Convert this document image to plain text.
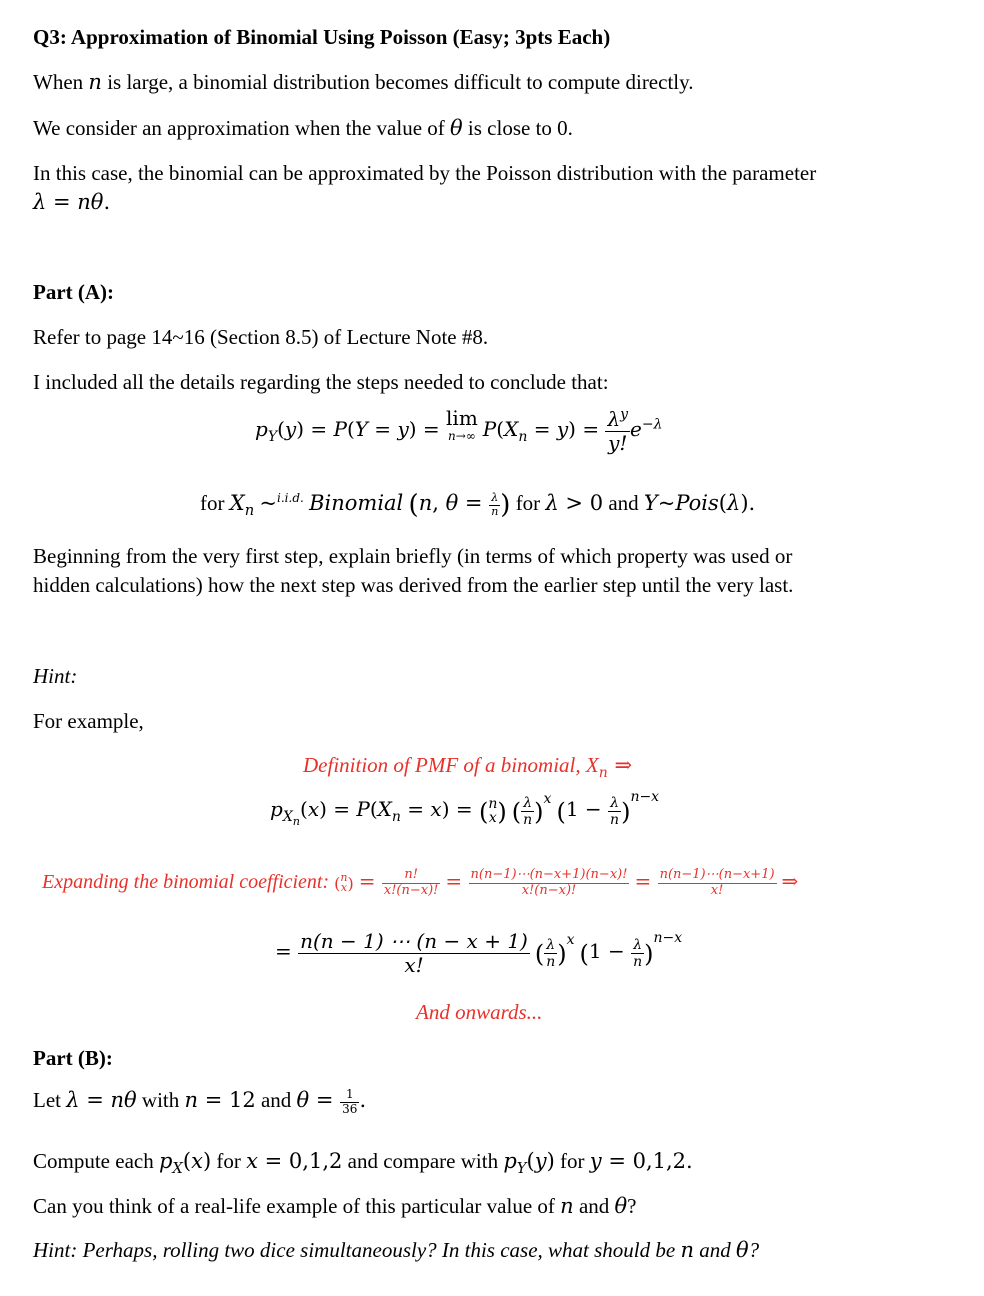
Q3: Approximation of Binomial Using Poisson (Easy; 3pts Each)
When n is large, a binomial distribution becomes difficult to compute directly.
We consider an approximation when the value of θ is close to 0.
In this case, the binomial can be approximated by the Poisson distribution with the parameter
λ = nθ.
Part (A):
Refer to page 14~16 (Section 8.5) of Lecture Note #8.
I included all the details regarding the steps needed to conclude that:
$p_Y(y) = P(Y = y) = \lim$
n→∞ $P(X_n = y) = \frac{\lambda^y}{y!} e^{-\lambda}$
for $X_n$ ~$^{i.i.d.}$ Binomial (n, $\theta = \frac{\lambda}{n}$ ) for λ > 0 and Y~Pois(λ).
Beginning from the very first step, explain briefly (in terms of which property was used or
hidden calculations) how the next step was derived from the earlier step until the very last.
Hint:
For example,
Definition of PMF of a binomial, $X_n$ ⇒
$p_{X_n}(x) = P(X_n = x)$ = ( n
x ) ( $\frac{\lambda}{n} )^x$ $(1 - \frac{\lambda}{n} )^{n-x}$
Expanding the binomial coefficient: ( n
x ) = $\frac{n!}{x!(n-x)!} = \frac{n(n-1)\cdots(n-x+1)(n-x)!}{x!(n-x)!} = \frac{n(n-1)\cdots(n-x+1)}{x!}$ ⇒
= $\frac{n(n - 1) \cdots (n - x + 1)}{x!}$ ( $\frac{\lambda}{n} )^x$ $(1 - \frac{\lambda}{n} )^{n-x}$
And onwards...
Part (B):
Let λ = nθ with n = 12 and $\theta = \frac{1}{36}$ .
Compute each $p_X(x)$ for x = 0,1,2 and compare with $p_Y(y)$ for y = 0,1,2.
Can you think of a real-life example of this particular value of n and θ?
Hint: Perhaps, rolling two dice simultaneously? In this case, what should be n and θ?
